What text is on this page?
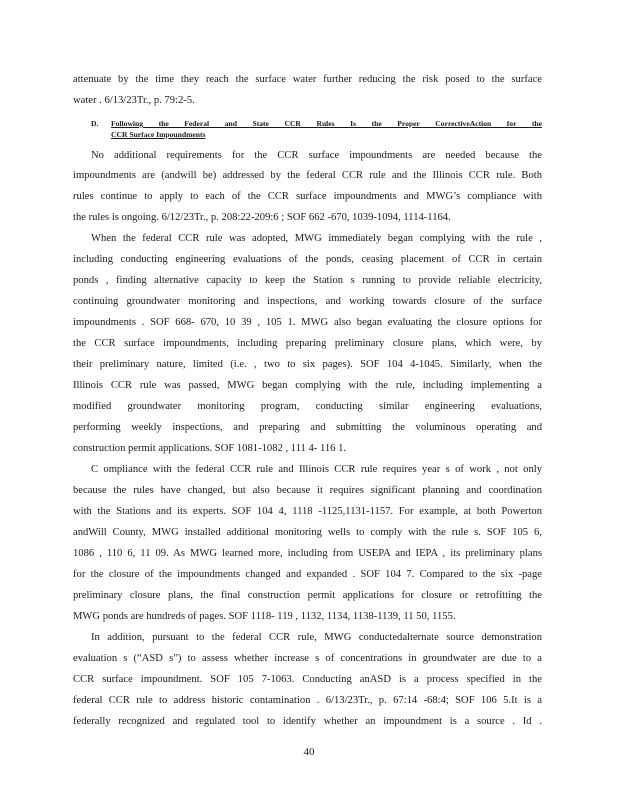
attenuate by the time they reach the surface water further reducing the risk posed to the surface
water . 6/13/23Tr., p. 79:2-5.
D. Following the Federal and State CCR Rules Is the Proper CorrectiveAction for the
CCR Surface Impoundments
No additional requirements for the CCR surface impoundments are needed because the
impoundments are (andwill be) addressed by the federal CCR rule and the Illinois CCR rule. Both
rules continue to apply to each of the CCR surface impoundments and MWG’s compliance with
the rules is ongoing. 6/12/23Tr., p. 208:22-209:6 ; SOF 662 -670, 1039-1094, 1114-1164.
When the federal CCR rule was adopted, MWG immediately began complying with the rule ,
including conducting engineering evaluations of the ponds, ceasing placement of CCR in certain
ponds , finding alternative capacity to keep the Station s running to provide reliable electricity,
continuing groundwater monitoring and inspections, and working towards closure of the surface
impoundments . SOF 668- 670, 10 39 , 105 1. MWG also began evaluating the closure options for
the CCR surface impoundments, including preparing preliminary closure plans, which were, by
their preliminary nature, limited (i.e. , two to six pages). SOF 104 4-1045. Similarly, when the
Illinois CCR rule was passed, MWG began complying with the rule, including implementing a
modified groundwater monitoring program, conducting similar engineering evaluations,
performing weekly inspections, and preparing and submitting the voluminous operating and
construction permit applications. SOF 1081-1082 , 111 4- 116 1.
C ompliance with the federal CCR rule and Illinois CCR rule requires year s of work , not only
because the rules have changed, but also because it requires significant planning and coordination
with the Stations and its experts. SOF 104 4, 1118 -1125,1131-1157. For example, at both Powerton
andWill County, MWG installed additional monitoring wells to comply with the rule s. SOF 105 6,
1086 , 110 6, 11 09. As MWG learned more, including from USEPA and IEPA , its preliminary plans
for the closure of the impoundments changed and expanded . SOF 104 7. Compared to the six -page
preliminary closure plans, the final construction permit applications for closure or retrofitting the
MWG ponds are hundreds of pages. SOF 1118- 119 , 1132, 1134, 1138-1139, 11 50, 1155.
In addition, pursuant to the federal CCR rule, MWG conductedalternate source demonstration
evaluation s (“ASD s”) to assess whether increase s of concentrations in groundwater are due to a
CCR surface impoundment. SOF 105 7-1063. Conducting anASD is a process specified in the
federal CCR rule to address historic contamination . 6/13/23Tr., p. 67:14 -68:4; SOF 106 5.It is a
federally recognized and regulated tool to identify whether an impoundment is a source . Id .
40
